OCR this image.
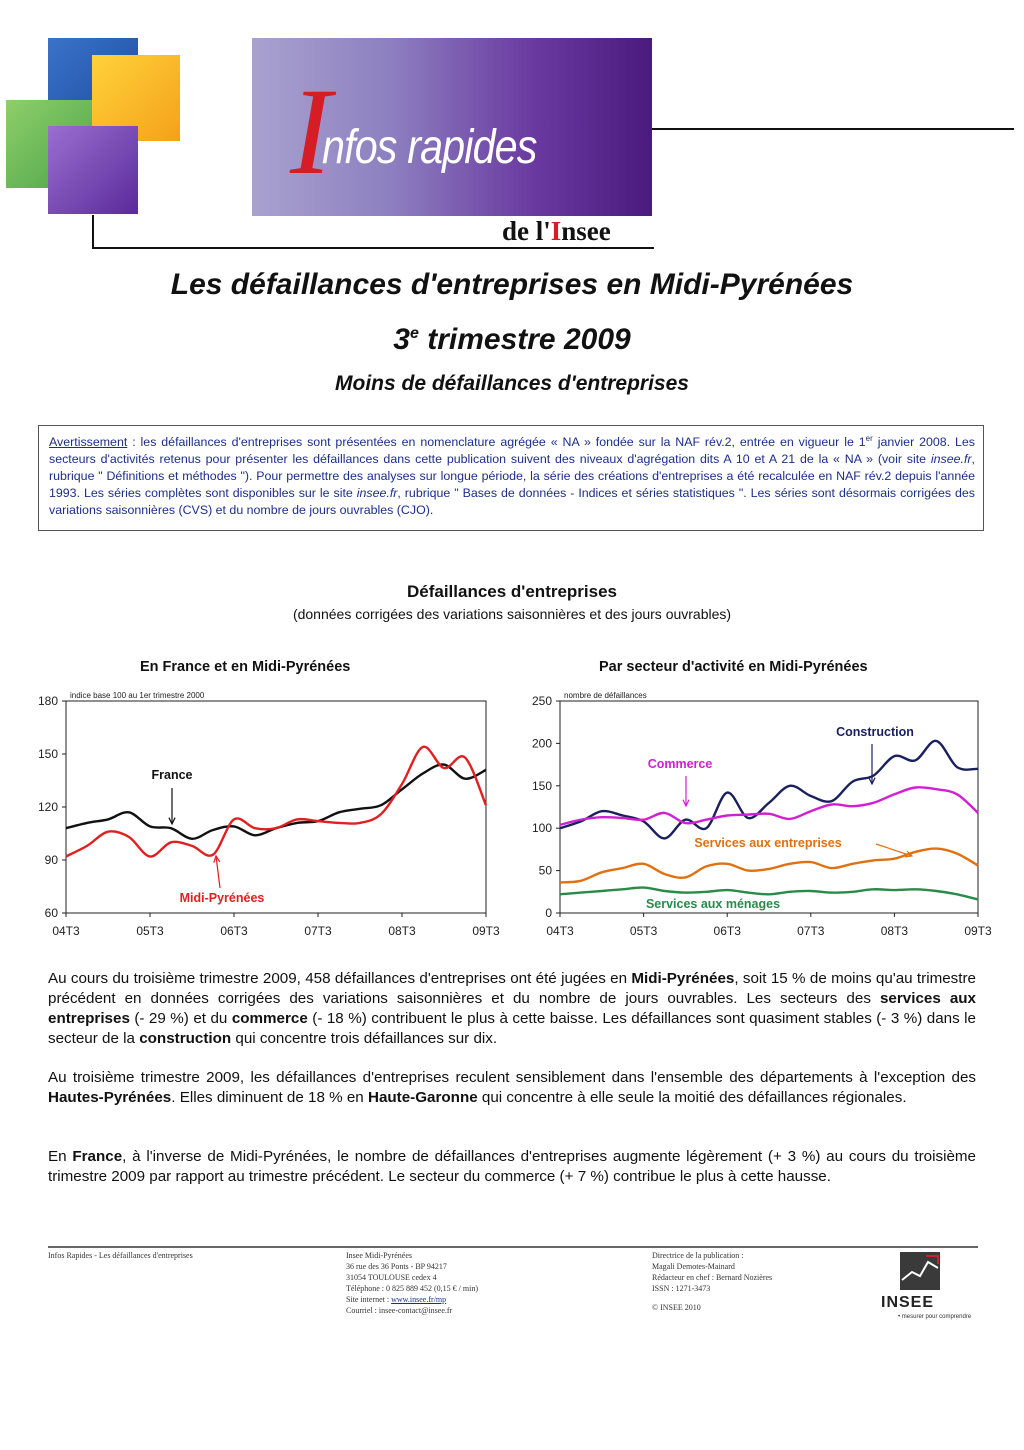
I
nfos rapides
de l'Insee
Les défaillances d'entreprises en Midi-Pyrénées
3e trimestre 2009
Moins de défaillances d'entreprises
Avertissement : les défaillances d'entreprises sont présentées en nomenclature agrégée « NA » fondée sur la NAF rév.2, entrée en vigueur le 1er janvier 2008. Les secteurs d'activités retenus pour présenter les défaillances dans cette publication suivent des niveaux d'agrégation dits A 10 et A 21 de la « NA » (voir site insee.fr, rubrique " Définitions et méthodes "). Pour permettre des analyses sur longue période, la série des créations d'entreprises a été recalculée en NAF rév.2 depuis l'année 1993. Les séries complètes sont disponibles sur le site insee.fr, rubrique " Bases de données - Indices et séries statistiques ". Les séries sont désormais corrigées des variations saisonnières (CVS) et du nombre de jours ouvrables (CJO).
Défaillances d'entreprises
(données corrigées des variations saisonnières et des jours ouvrables)
En France et en Midi-Pyrénées	Par secteur d'activité en Midi-Pyrénées
60
90
120
150
180 indice base 100 au 1er trimestre 2000
04T3	05T3	06T3	07T3	08T3	09T3
France
Midi-Pyrénées
0
50
100
150
200
250 nombre de défaillances
04T3	05T3	06T3	07T3	08T3	09T3
Construction
Commerce
Services aux entreprises
Services aux ménages
Au cours du troisième trimestre 2009, 458 défaillances d'entreprises ont été jugées en Midi-Pyrénées, soit 15 % de moins qu'au trimestre précédent en données corrigées des variations saisonnières et du nombre de jours ouvrables. Les secteurs des services aux entreprises (- 29 %) et du commerce (- 18 %) contribuent le plus à cette baisse. Les défaillances sont quasiment stables (- 3 %) dans le secteur de la construction qui concentre trois défaillances sur dix.
Au troisième trimestre 2009, les défaillances d'entreprises reculent sensiblement dans l'ensemble des départements à l'exception des Hautes-Pyrénées. Elles diminuent de 18 % en Haute-Garonne qui concentre à elle seule la moitié des défaillances régionales.
En France, à l'inverse de Midi-Pyrénées, le nombre de défaillances d'entreprises augmente légèrement (+ 3 %) au cours du troisième trimestre 2009 par rapport au trimestre précédent. Le secteur du commerce (+ 7 %) contribue le plus à cette hausse.
Infos Rapides - Les défaillances d'entreprises	Insee Midi-Pyrénées
36 rue des 36 Ponts - BP 94217
31054 TOULOUSE cedex 4
Téléphone : 0 825 889 452 (0,15 € / min)
Site internet : www.insee.fr/mp
Courriel : insee-contact@insee.fr
Directrice de la publication :
Magali Demotes-Mainard
Rédacteur en chef : Bernard Nozières
ISSN : 1271-3473
© INSEE 2010	INSEE
• mesurer pour comprendre
